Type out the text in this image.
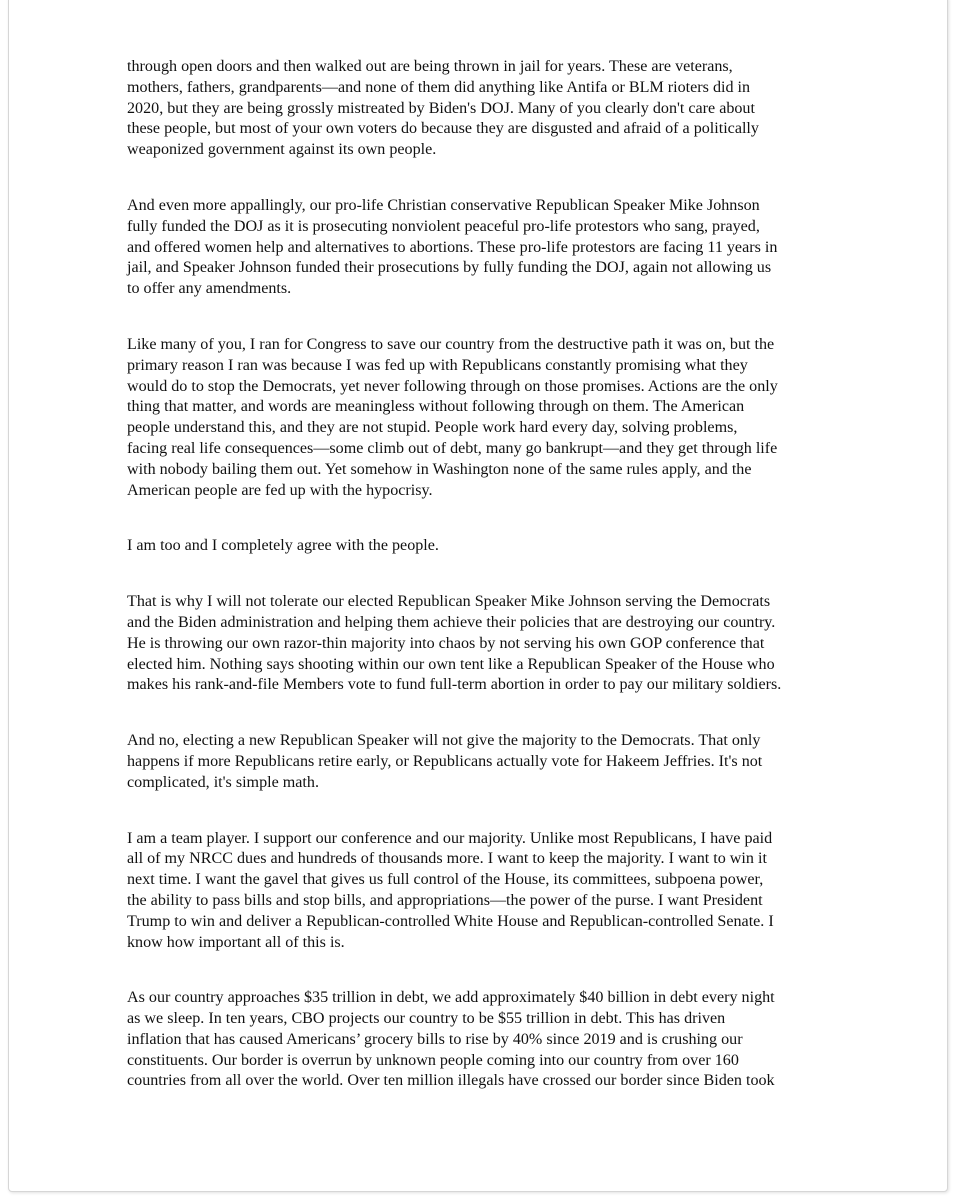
through open doors and then walked out are being thrown in jail for years. These are veterans,
mothers, fathers, grandparents—and none of them did anything like Antifa or BLM rioters did in
2020, but they are being grossly mistreated by Biden's DOJ. Many of you clearly don't care about
these people, but most of your own voters do because they are disgusted and afraid of a politically
weaponized government against its own people.

And even more appallingly, our pro-life Christian conservative Republican Speaker Mike Johnson
fully funded the DOJ as it is prosecuting nonviolent peaceful pro-life protestors who sang, prayed,
and offered women help and alternatives to abortions. These pro-life protestors are facing 11 years in
jail, and Speaker Johnson funded their prosecutions by fully funding the DOJ, again not allowing us
to offer any amendments.

Like many of you, I ran for Congress to save our country from the destructive path it was on, but the
primary reason I ran was because I was fed up with Republicans constantly promising what they
would do to stop the Democrats, yet never following through on those promises. Actions are the only
thing that matter, and words are meaningless without following through on them. The American
people understand this, and they are not stupid. People work hard every day, solving problems,
facing real life consequences—some climb out of debt, many go bankrupt—and they get through life
with nobody bailing them out. Yet somehow in Washington none of the same rules apply, and the
American people are fed up with the hypocrisy.

I am too and I completely agree with the people.

That is why I will not tolerate our elected Republican Speaker Mike Johnson serving the Democrats
and the Biden administration and helping them achieve their policies that are destroying our country.
He is throwing our own razor-thin majority into chaos by not serving his own GOP conference that
elected him. Nothing says shooting within our own tent like a Republican Speaker of the House who
makes his rank-and-file Members vote to fund full-term abortion in order to pay our military soldiers.

And no, electing a new Republican Speaker will not give the majority to the Democrats. That only
happens if more Republicans retire early, or Republicans actually vote for Hakeem Jeffries. It's not
complicated, it's simple math.

I am a team player. I support our conference and our majority. Unlike most Republicans, I have paid
all of my NRCC dues and hundreds of thousands more. I want to keep the majority. I want to win it
next time. I want the gavel that gives us full control of the House, its committees, subpoena power,
the ability to pass bills and stop bills, and appropriations—the power of the purse. I want President
Trump to win and deliver a Republican-controlled White House and Republican-controlled Senate. I
know how important all of this is.

As our country approaches $35 trillion in debt, we add approximately $40 billion in debt every night
as we sleep. In ten years, CBO projects our country to be $55 trillion in debt. This has driven
inflation that has caused Americans’ grocery bills to rise by 40% since 2019 and is crushing our
constituents. Our border is overrun by unknown people coming into our country from over 160
countries from all over the world. Over ten million illegals have crossed our border since Biden took
